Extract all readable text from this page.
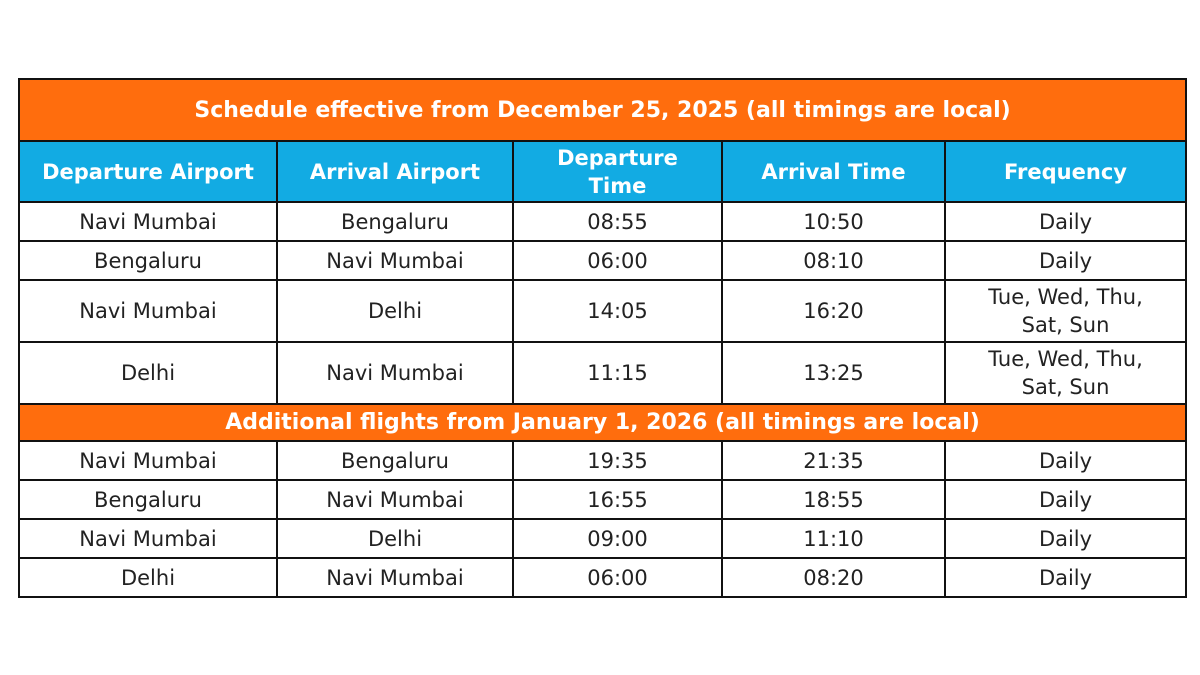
Schedule effective from December 25, 2025 (all timings are local)				
Departure Airport	Arrival Airport	Departure Time	Arrival Time	Frequency
Navi Mumbai	Bengaluru	08:55	10:50	Daily
Bengaluru	Navi Mumbai	06:00	08:10	Daily
Navi Mumbai	Delhi	14:05	16:20	Tue, Wed, Thu, Sat, Sun
Delhi	Navi Mumbai	11:15	13:25	Tue, Wed, Thu, Sat, Sun
Additional flights from January 1, 2026 (all timings are local)				
Navi Mumbai	Bengaluru	19:35	21:35	Daily
Bengaluru	Navi Mumbai	16:55	18:55	Daily
Navi Mumbai	Delhi	09:00	11:10	Daily
Delhi	Navi Mumbai	06:00	08:20	Daily
